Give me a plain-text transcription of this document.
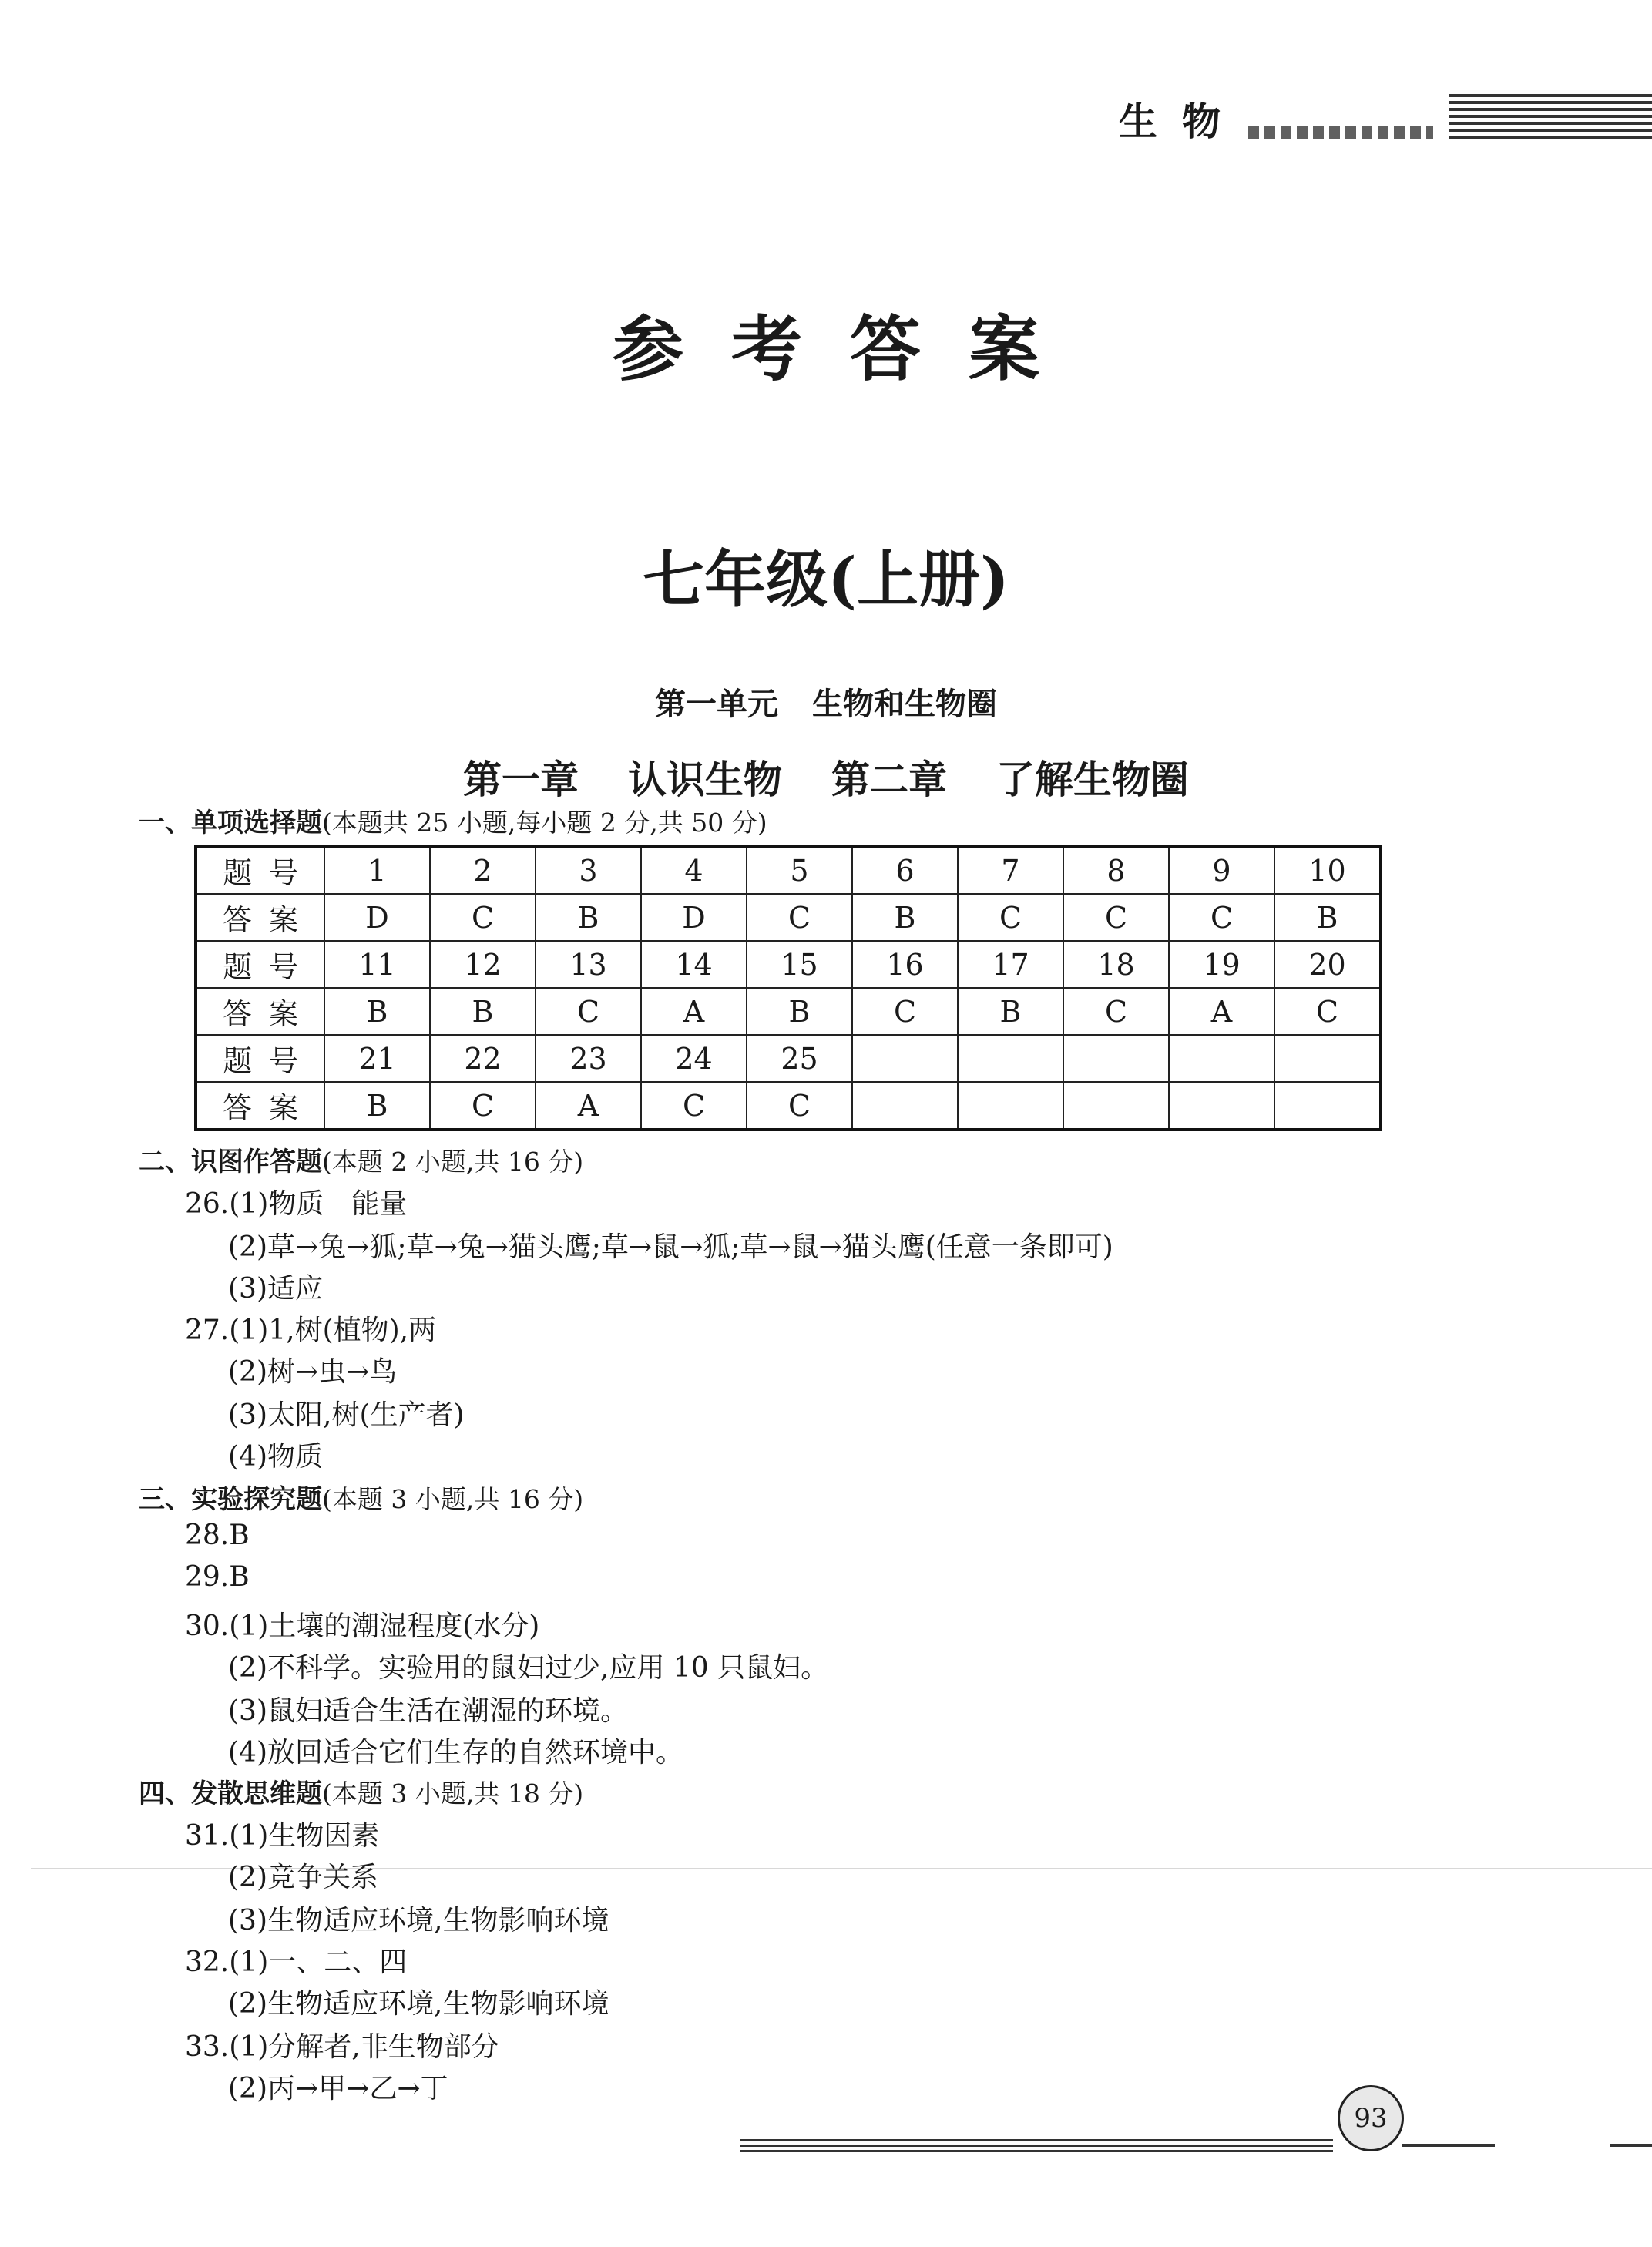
生物
参考答案
七年级(上册)
第一单元 生物和生物圈
第一章 认识生物 第二章 了解生物圈
一、单项选择题(本题共 25 小题,每小题 2 分,共 50 分)
题号	1	2	3	4	5	6	7	8	9	10
答案	D	C	B	D	C	B	C	C	C	B
题号	11	12	13	14	15	16	17	18	19	20
答案	B	B	C	A	B	C	B	C	A	C
题号	21	22	23	24	25					
答案	B	C	A	C	C					
二、识图作答题(本题 2 小题,共 16 分)
26.(1)物质　能量
(2)草→兔→狐;草→兔→猫头鹰;草→鼠→狐;草→鼠→猫头鹰(任意一条即可)
(3)适应
27.(1)1,树(植物),两
(2)树→虫→鸟
(3)太阳,树(生产者)
(4)物质
三、实验探究题(本题 3 小题,共 16 分)
28.B
29.B
30.(1)土壤的潮湿程度(水分)
(2)不科学。实验用的鼠妇过少,应用 10 只鼠妇。
(3)鼠妇适合生活在潮湿的环境。
(4)放回适合它们生存的自然环境中。
四、发散思维题(本题 3 小题,共 18 分)
31.(1)生物因素
(2)竞争关系
(3)生物适应环境,生物影响环境
32.(1)一、二、四
(2)生物适应环境,生物影响环境
33.(1)分解者,非生物部分
(2)丙→甲→乙→丁
93
